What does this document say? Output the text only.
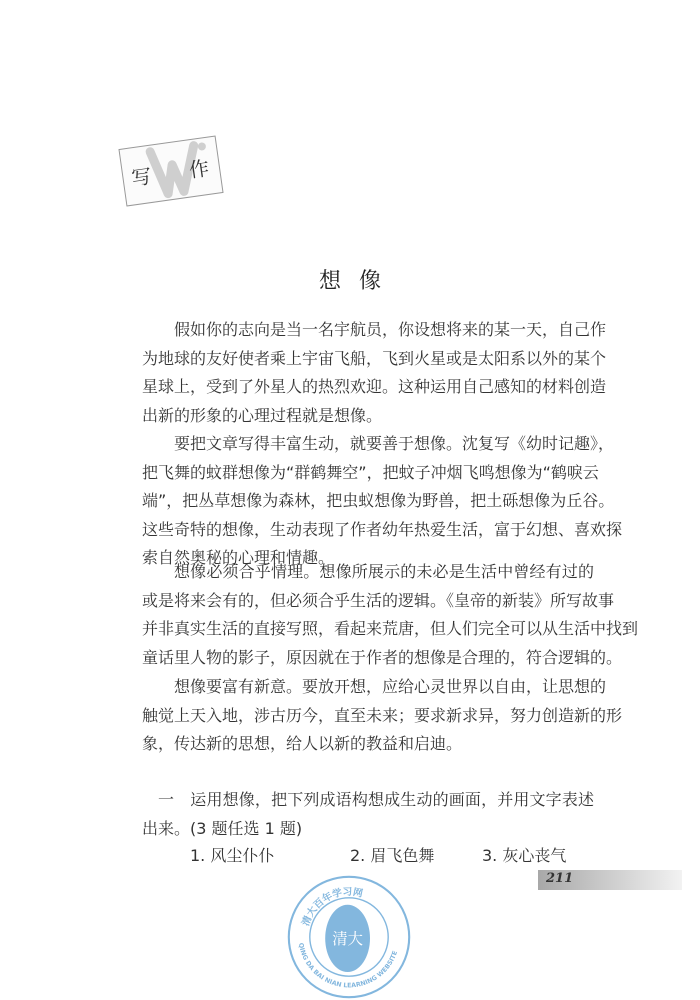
写 作
想像
假如你的志向是当一名宇航员，你设想将来的某一天，自己作
为地球的友好使者乘上宇宙飞船，飞到火星或是太阳系以外的某个
星球上，受到了外星人的热烈欢迎。这种运用自己感知的材料创造
出新的形象的心理过程就是想像。
要把文章写得丰富生动，就要善于想像。沈复写《幼时记趣》，
把飞舞的蚊群想像为“群鹤舞空”，把蚊子冲烟飞鸣想像为“鹤唳云
端”，把丛草想像为森林，把虫蚁想像为野兽，把土砾想像为丘谷。
这些奇特的想像，生动表现了作者幼年热爱生活，富于幻想、喜欢探
索自然奥秘的心理和情趣。
想像必须合乎情理。想像所展示的未必是生活中曾经有过的
或是将来会有的，但必须合乎生活的逻辑。《皇帝的新装》所写故事
并非真实生活的直接写照，看起来荒唐，但人们完全可以从生活中找到
童话里人物的影子，原因就在于作者的想像是合理的，符合逻辑的。
想像要富有新意。要放开想，应给心灵世界以自由，让思想的
触觉上天入地，涉古历今，直至未来；要求新求异，努力创造新的形
象，传达新的思想，给人以新的教益和启迪。
一　运用想像，把下列成语构想成生动的画面，并用文字表述
出来。(3 题任选 1 题)
1. 风尘仆仆	2. 眉飞色舞	3. 灰心丧气
211
清大百年学习网
QING DA BAI NIAN LEARNING WEBSITE
清大
